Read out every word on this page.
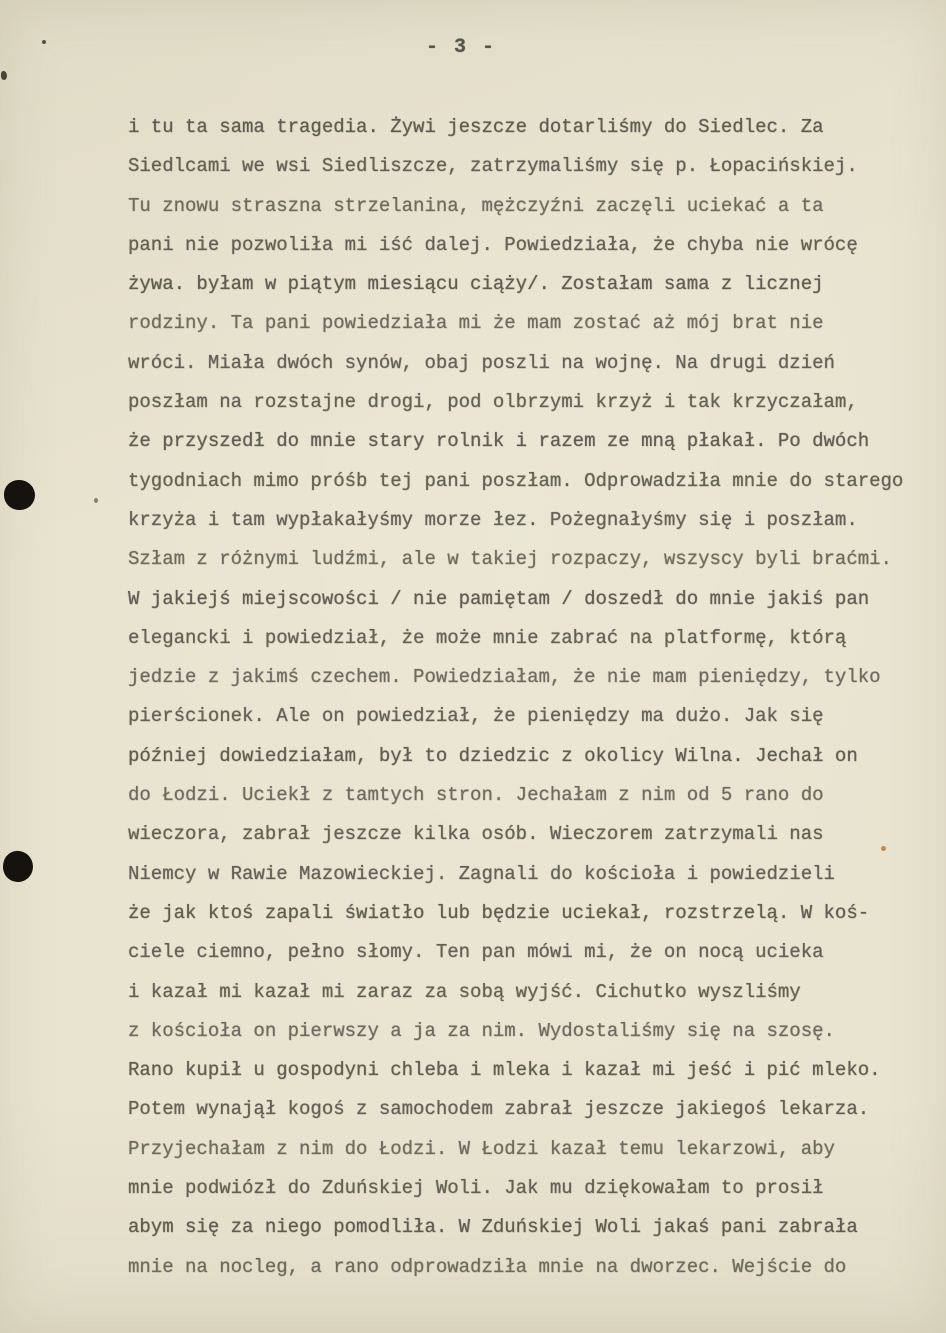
- 3 -
i tu ta sama tragedia. Żywi jeszcze dotarliśmy do Siedlec. Za
Siedlcami we wsi Siedliszcze, zatrzymaliśmy się p. Łopacińskiej.
Tu znowu straszna strzelanina, mężczyźni zaczęli uciekać a ta
pani nie pozwoliła mi iść dalej. Powiedziała, że chyba nie wrócę
żywa. byłam w piątym miesiącu ciąży/. Zostałam sama z licznej
rodziny. Ta pani powiedziała mi że mam zostać aż mój brat nie
wróci. Miała dwóch synów, obaj poszli na wojnę. Na drugi dzień
poszłam na rozstajne drogi, pod olbrzymi krzyż i tak krzyczałam,
że przyszedł do mnie stary rolnik i razem ze mną płakał. Po dwóch
tygodniach mimo próśb tej pani poszłam. Odprowadziła mnie do starego
krzyża i tam wypłakałyśmy morze łez. Pożegnałyśmy się i poszłam.
Szłam z różnymi ludźmi, ale w takiej rozpaczy, wszyscy byli braćmi.
W jakiejś miejscowości / nie pamiętam / doszedł do mnie jakiś pan
elegancki i powiedział, że może mnie zabrać na platformę, którą
jedzie z jakimś czechem. Powiedziałam, że nie mam pieniędzy, tylko
pierścionek. Ale on powiedział, że pieniędzy ma dużo. Jak się
później dowiedziałam, był to dziedzic z okolicy Wilna. Jechał on
do Łodzi. Uciekł z tamtych stron. Jechałam z nim od 5 rano do
wieczora, zabrał jeszcze kilka osób. Wieczorem zatrzymali nas
Niemcy w Rawie Mazowieckiej. Zagnali do kościoła i powiedzieli
że jak ktoś zapali światło lub będzie uciekał, rozstrzelą. W koś-
ciele ciemno, pełno słomy. Ten pan mówi mi, że on nocą ucieka
i kazał mi kazał mi zaraz za sobą wyjść. Cichutko wyszliśmy
z kościoła on pierwszy a ja za nim. Wydostaliśmy się na szosę.
Rano kupił u gospodyni chleba i mleka i kazał mi jeść i pić mleko.
Potem wynajął kogoś z samochodem zabrał jeszcze jakiegoś lekarza.
Przyjechałam z nim do Łodzi. W Łodzi kazał temu lekarzowi, aby
mnie podwiózł do Zduńskiej Woli. Jak mu dziękowałam to prosił
abym się za niego pomodliła. W Zduńskiej Woli jakaś pani zabrała
mnie na nocleg, a rano odprowadziła mnie na dworzec. Wejście do
